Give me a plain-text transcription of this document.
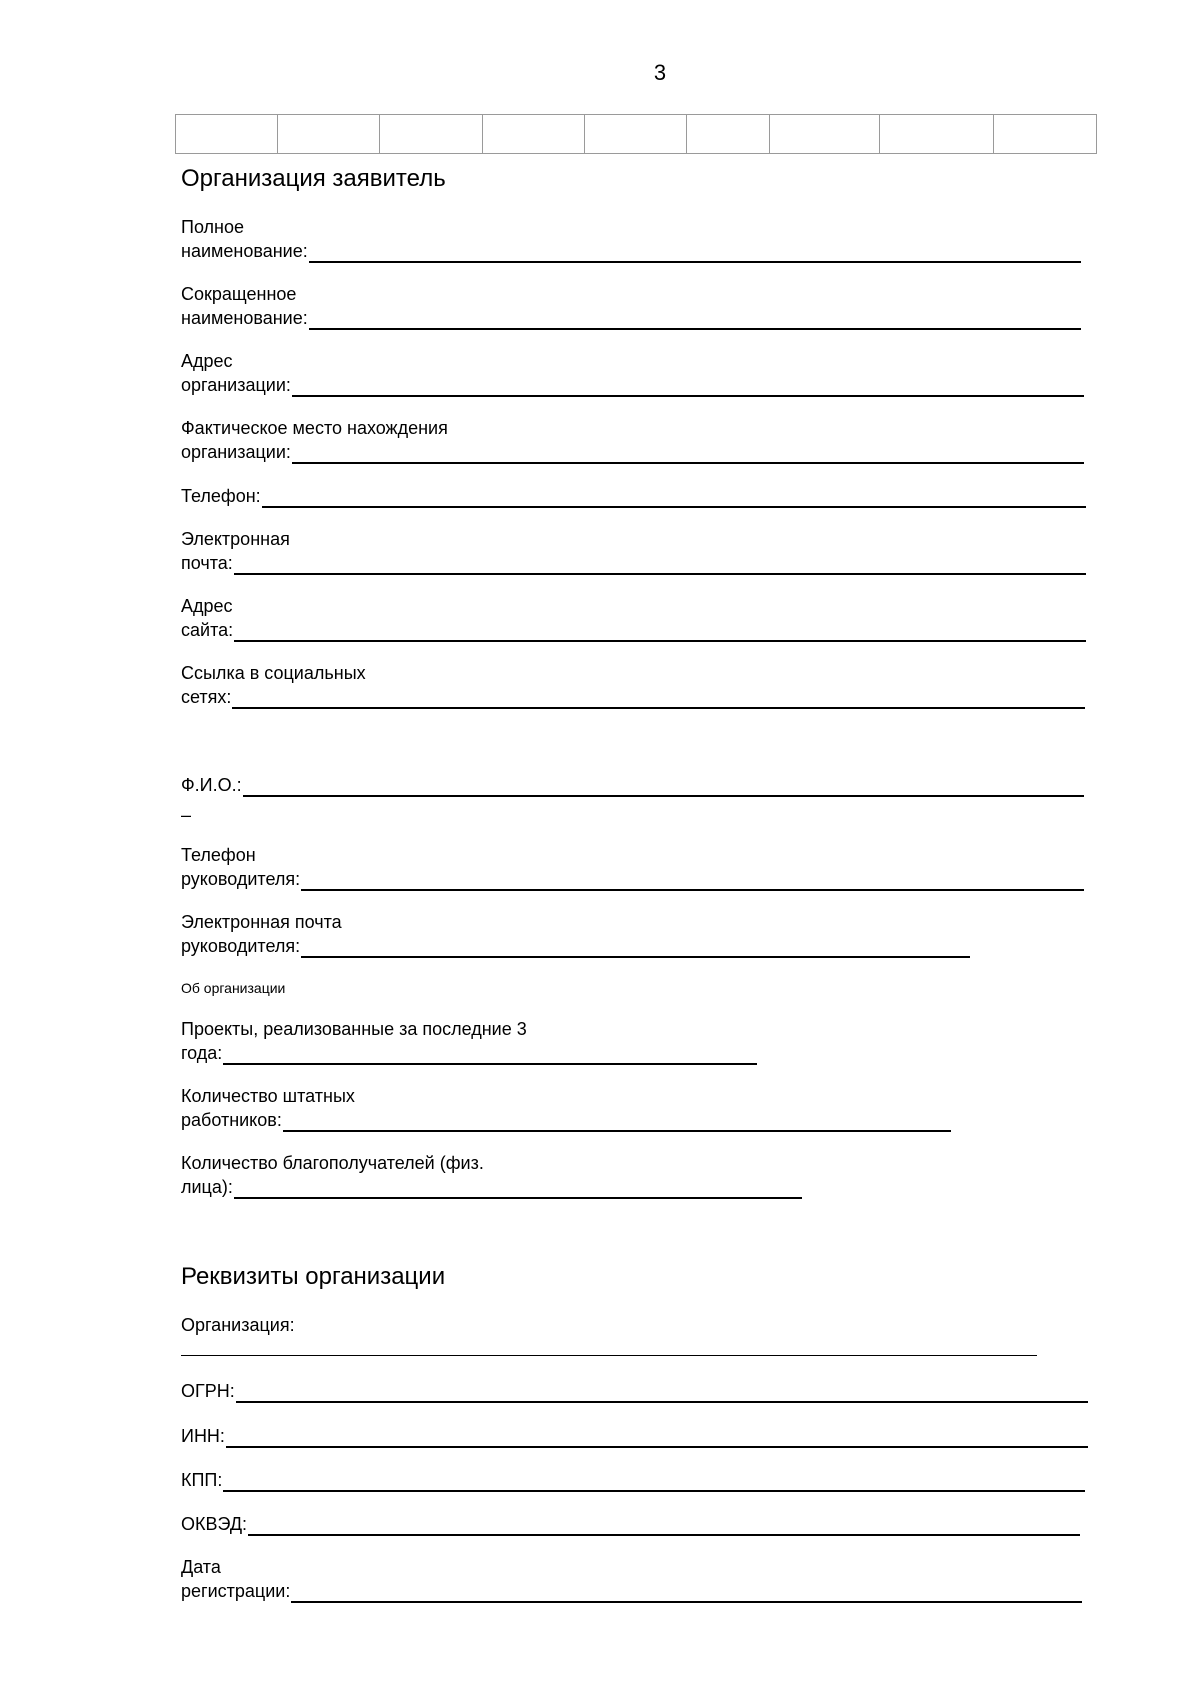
3

Организация заявитель
Полное
наименование:
Сокращенное
наименование:
Адрес
организации:
Фактическое место нахождения
организации:
Телефон:
Электронная
почта:
Адрес
сайта:
Ссылка в социальных
сетях:
Ф.И.О.:
–
Телефон
руководителя:
Электронная почта
руководителя:
Об организации
Проекты, реализованные за последние 3
года:
Количество штатных
работников:
Количество благополучателей (физ.
лица):
Реквизиты организации
Организация:
ОГРН:
ИНН:
КПП:
ОКВЭД:
Дата
регистрации:
